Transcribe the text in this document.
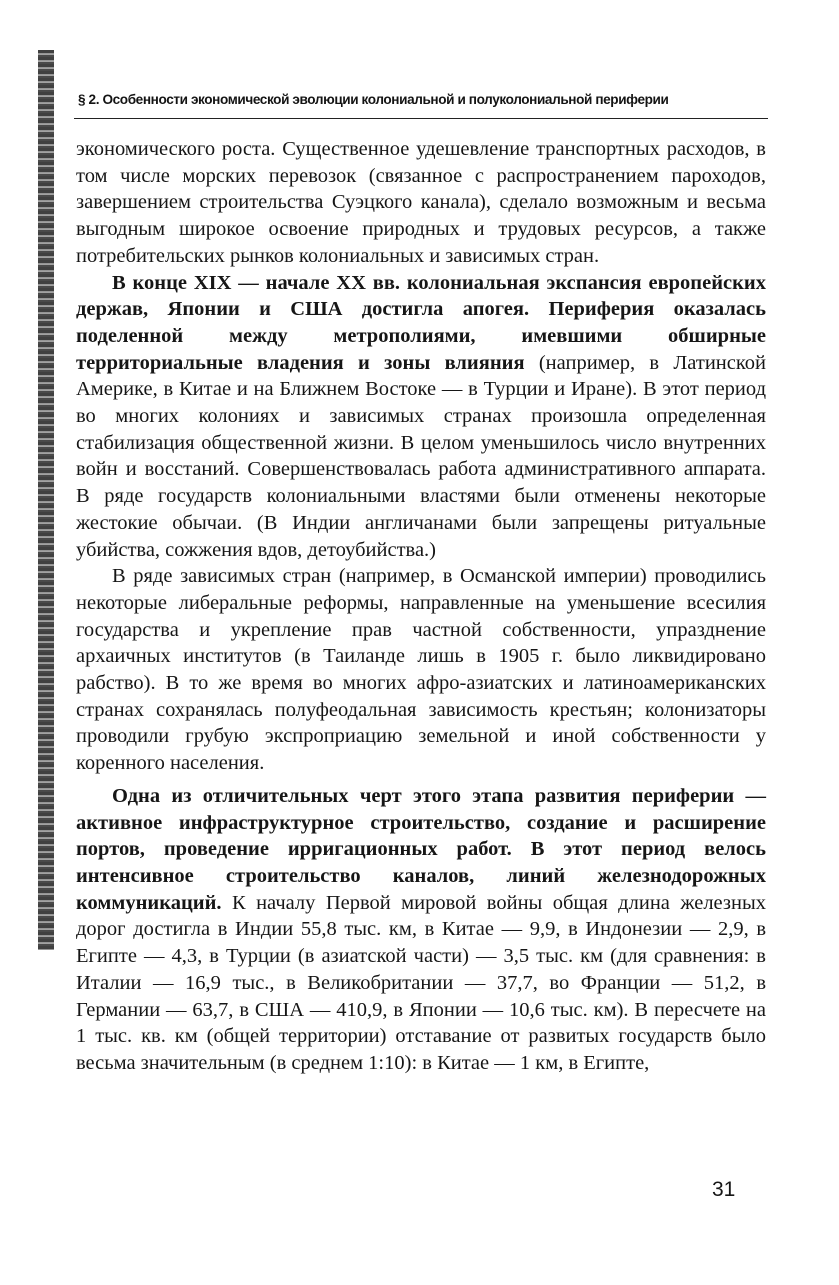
§ 2. Особенности экономической эволюции колониальной и полуколониальной периферии

экономического роста. Существенное удешевление транспортных расходов, в том числе морских перевозок (связанное с распространением пароходов, завершением строительства Суэцкого канала), сделало возможным и весьма выгодным широкое освоение природных и трудовых ресурсов, а также потребительских рынков колониальных и зависимых стран.

В конце XIX — начале XX вв. колониальная экспансия европейских держав, Японии и США достигла апогея. Периферия оказалась поделенной между метрополиями, имевшими обширные территориальные владения и зоны влияния (например, в Латинской Америке, в Китае и на Ближнем Востоке — в Турции и Иране). В этот период во многих колониях и зависимых странах произошла определенная стабилизация общественной жизни. В целом уменьшилось число внутренних войн и восстаний. Совершенствовалась работа административного аппарата. В ряде государств колониальными властями были отменены некоторые жестокие обычаи. (В Индии англичанами были запрещены ритуальные убийства, сожжения вдов, детоубийства.)

В ряде зависимых стран (например, в Османской империи) проводились некоторые либеральные реформы, направленные на уменьшение всесилия государства и укрепление прав частной собственности, упразднение архаичных институтов (в Таиланде лишь в 1905 г. было ликвидировано рабство). В то же время во многих афро-азиатских и латиноамериканских странах сохранялась полуфеодальная зависимость крестьян; колонизаторы проводили грубую экспроприацию земельной и иной собственности у коренного населения.

Одна из отличительных черт этого этапа развития периферии — активное инфраструктурное строительство, создание и расширение портов, проведение ирригационных работ. В этот период велось интенсивное строительство каналов, линий железнодорожных коммуникаций. К началу Первой мировой войны общая длина железных дорог достигла в Индии 55,8 тыс. км, в Китае — 9,9, в Индонезии — 2,9, в Египте — 4,3, в Турции (в азиатской части) — 3,5 тыс. км (для сравнения: в Италии — 16,9 тыс., в Великобритании — 37,7, во Франции — 51,2, в Германии — 63,7, в США — 410,9, в Японии — 10,6 тыс. км). В пересчете на 1 тыс. кв. км (общей территории) отставание от развитых государств было весьма значительным (в среднем 1:10): в Китае — 1 км, в Египте,

31
